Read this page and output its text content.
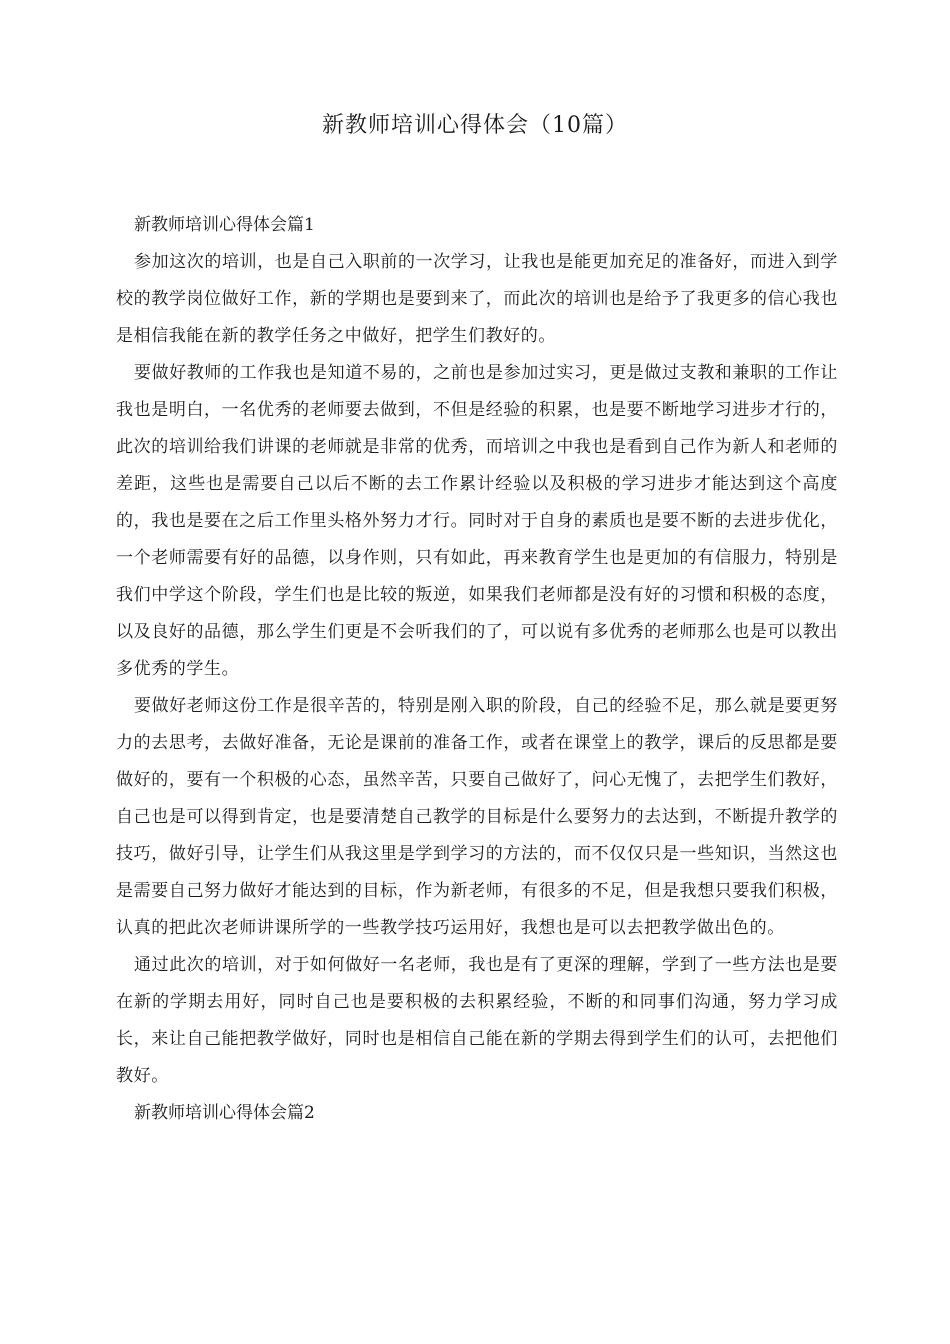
新教师培训心得体会（10篇）
新教师培训心得体会篇1

参加这次的培训，也是自己入职前的一次学习，让我也是能更加充足的准备好，而进入到学校的教学岗位做好工作，新的学期也是要到来了，而此次的培训也是给予了我更多的信心我也是相信我能在新的教学任务之中做好，把学生们教好的。

要做好教师的工作我也是知道不易的，之前也是参加过实习，更是做过支教和兼职的工作让我也是明白，一名优秀的老师要去做到，不但是经验的积累，也是要不断地学习进步才行的，此次的培训给我们讲课的老师就是非常的优秀，而培训之中我也是看到自己作为新人和老师的差距，这些也是需要自己以后不断的去工作累计经验以及积极的学习进步才能达到这个高度的，我也是要在之后工作里头格外努力才行。同时对于自身的素质也是要不断的去进步优化，一个老师需要有好的品德，以身作则，只有如此，再来教育学生也是更加的有信服力，特别是我们中学这个阶段，学生们也是比较的叛逆，如果我们老师都是没有好的习惯和积极的态度，以及良好的品德，那么学生们更是不会听我们的了，可以说有多优秀的老师那么也是可以教出多优秀的学生。

要做好老师这份工作是很辛苦的，特别是刚入职的阶段，自己的经验不足，那么就是要更努力的去思考，去做好准备，无论是课前的准备工作，或者在课堂上的教学，课后的反思都是要做好的，要有一个积极的心态，虽然辛苦，只要自己做好了，问心无愧了，去把学生们教好，自己也是可以得到肯定，也是要清楚自己教学的目标是什么要努力的去达到，不断提升教学的技巧，做好引导，让学生们从我这里是学到学习的方法的，而不仅仅只是一些知识，当然这也是需要自己努力做好才能达到的目标，作为新老师，有很多的不足，但是我想只要我们积极，认真的把此次老师讲课所学的一些教学技巧运用好，我想也是可以去把教学做出色的。

通过此次的培训，对于如何做好一名老师，我也是有了更深的理解，学到了一些方法也是要在新的学期去用好，同时自己也是要积极的去积累经验，不断的和同事们沟通，努力学习成长，来让自己能把教学做好，同时也是相信自己能在新的学期去得到学生们的认可，去把他们教好。

新教师培训心得体会篇2
